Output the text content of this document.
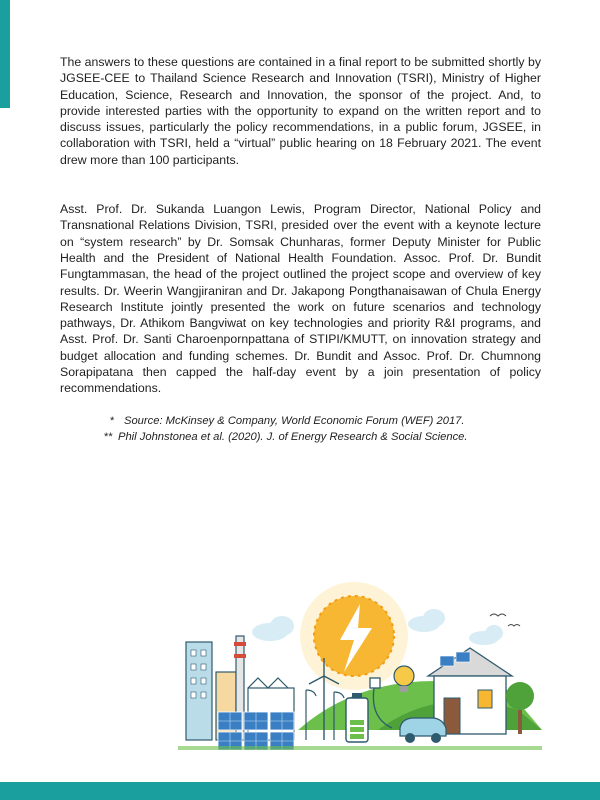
The answers to these questions are contained in a final report to be submitted shortly by JGSEE-CEE to Thailand Science Research and Innovation (TSRI), Ministry of Higher Education, Science, Research and Innovation, the sponsor of the project. And, to provide interested parties with the opportunity to expand on the written report and to discuss issues, particularly the policy recommendations, in a public forum, JGSEE, in collaboration with TSRI, held a “virtual” public hearing on 18 February 2021. The event drew more than 100 participants.

Asst. Prof. Dr. Sukanda Luangon Lewis, Program Director, National Policy and Transnational Relations Division, TSRI, presided over the event with a keynote lecture on “system research” by Dr. Somsak Chunharas, former Deputy Minister for Public Health and the President of National Health Foundation. Assoc. Prof. Dr. Bundit Fungtammasan, the head of the project outlined the project scope and overview of key results. Dr. Weerin Wangjiraniran and Dr. Jakapong Pongthanaisawan of Chula Energy Research Institute jointly presented the work on future scenarios and technology pathways, Dr. Athikom Bangviwat on key technologies and priority R&I programs, and Asst. Prof. Dr. Santi Charoenpornpattana of STIPI/KMUTT, on innovation strategy and budget allocation and funding schemes. Dr. Bundit and Assoc. Prof. Dr. Chumnong Sorapipatana then capped the half-day event by a join presentation of policy recommendations.

* Source: McKinsey & Company, World Economic Forum (WEF) 2017.
** Phil Johnstonea et al. (2020). J. of Energy Research & Social Science.
